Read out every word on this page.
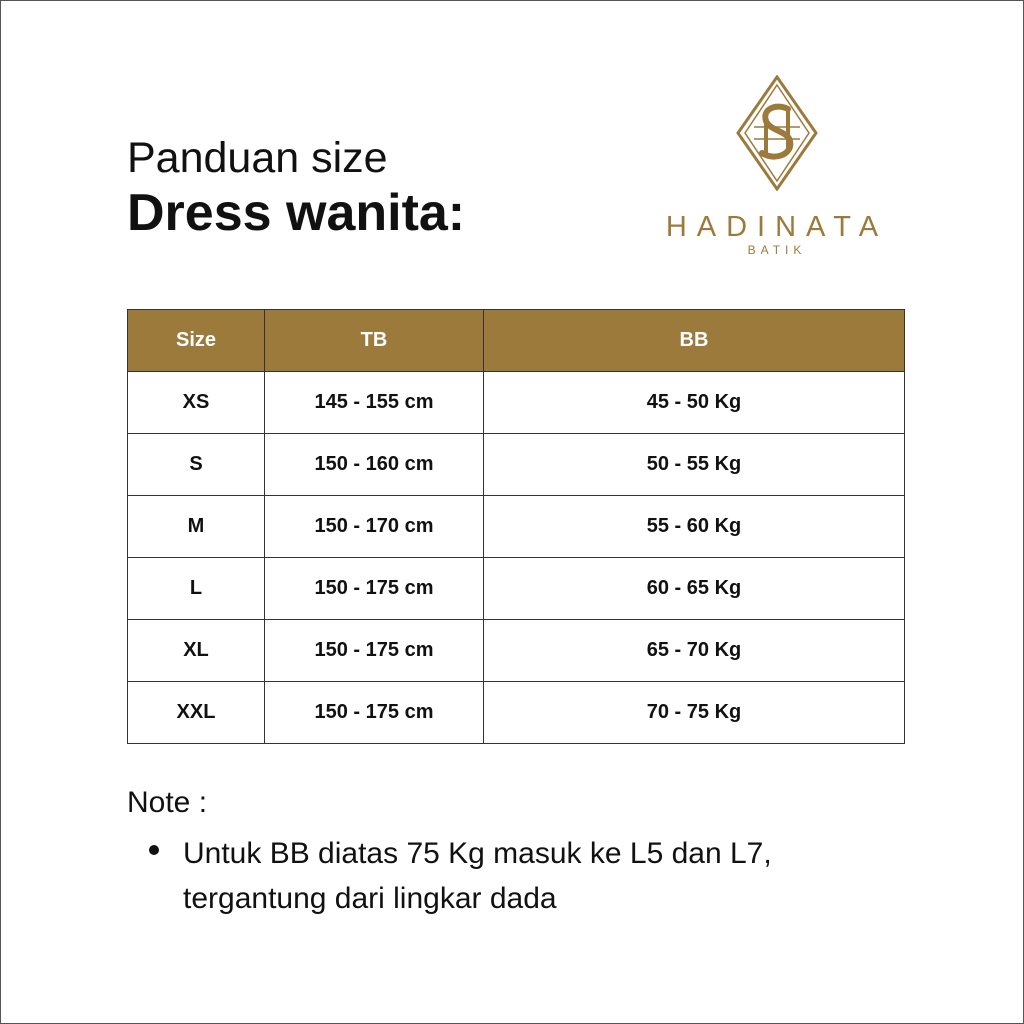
Panduan size
Dress wanita:	HADINATA
BATIK
Size	TB	BB
XS	145 - 155 cm	45 - 50 Kg
S	150 - 160 cm	50 - 55 Kg
M	150 - 170 cm	55 - 60 Kg
L	150 - 175 cm	60 - 65 Kg
XL	150 - 175 cm	65 - 70 Kg
XXL	150 - 175 cm	70 - 75 Kg
Note :
Untuk BB diatas 75 Kg masuk ke L5 dan L7, tergantung dari lingkar dada
